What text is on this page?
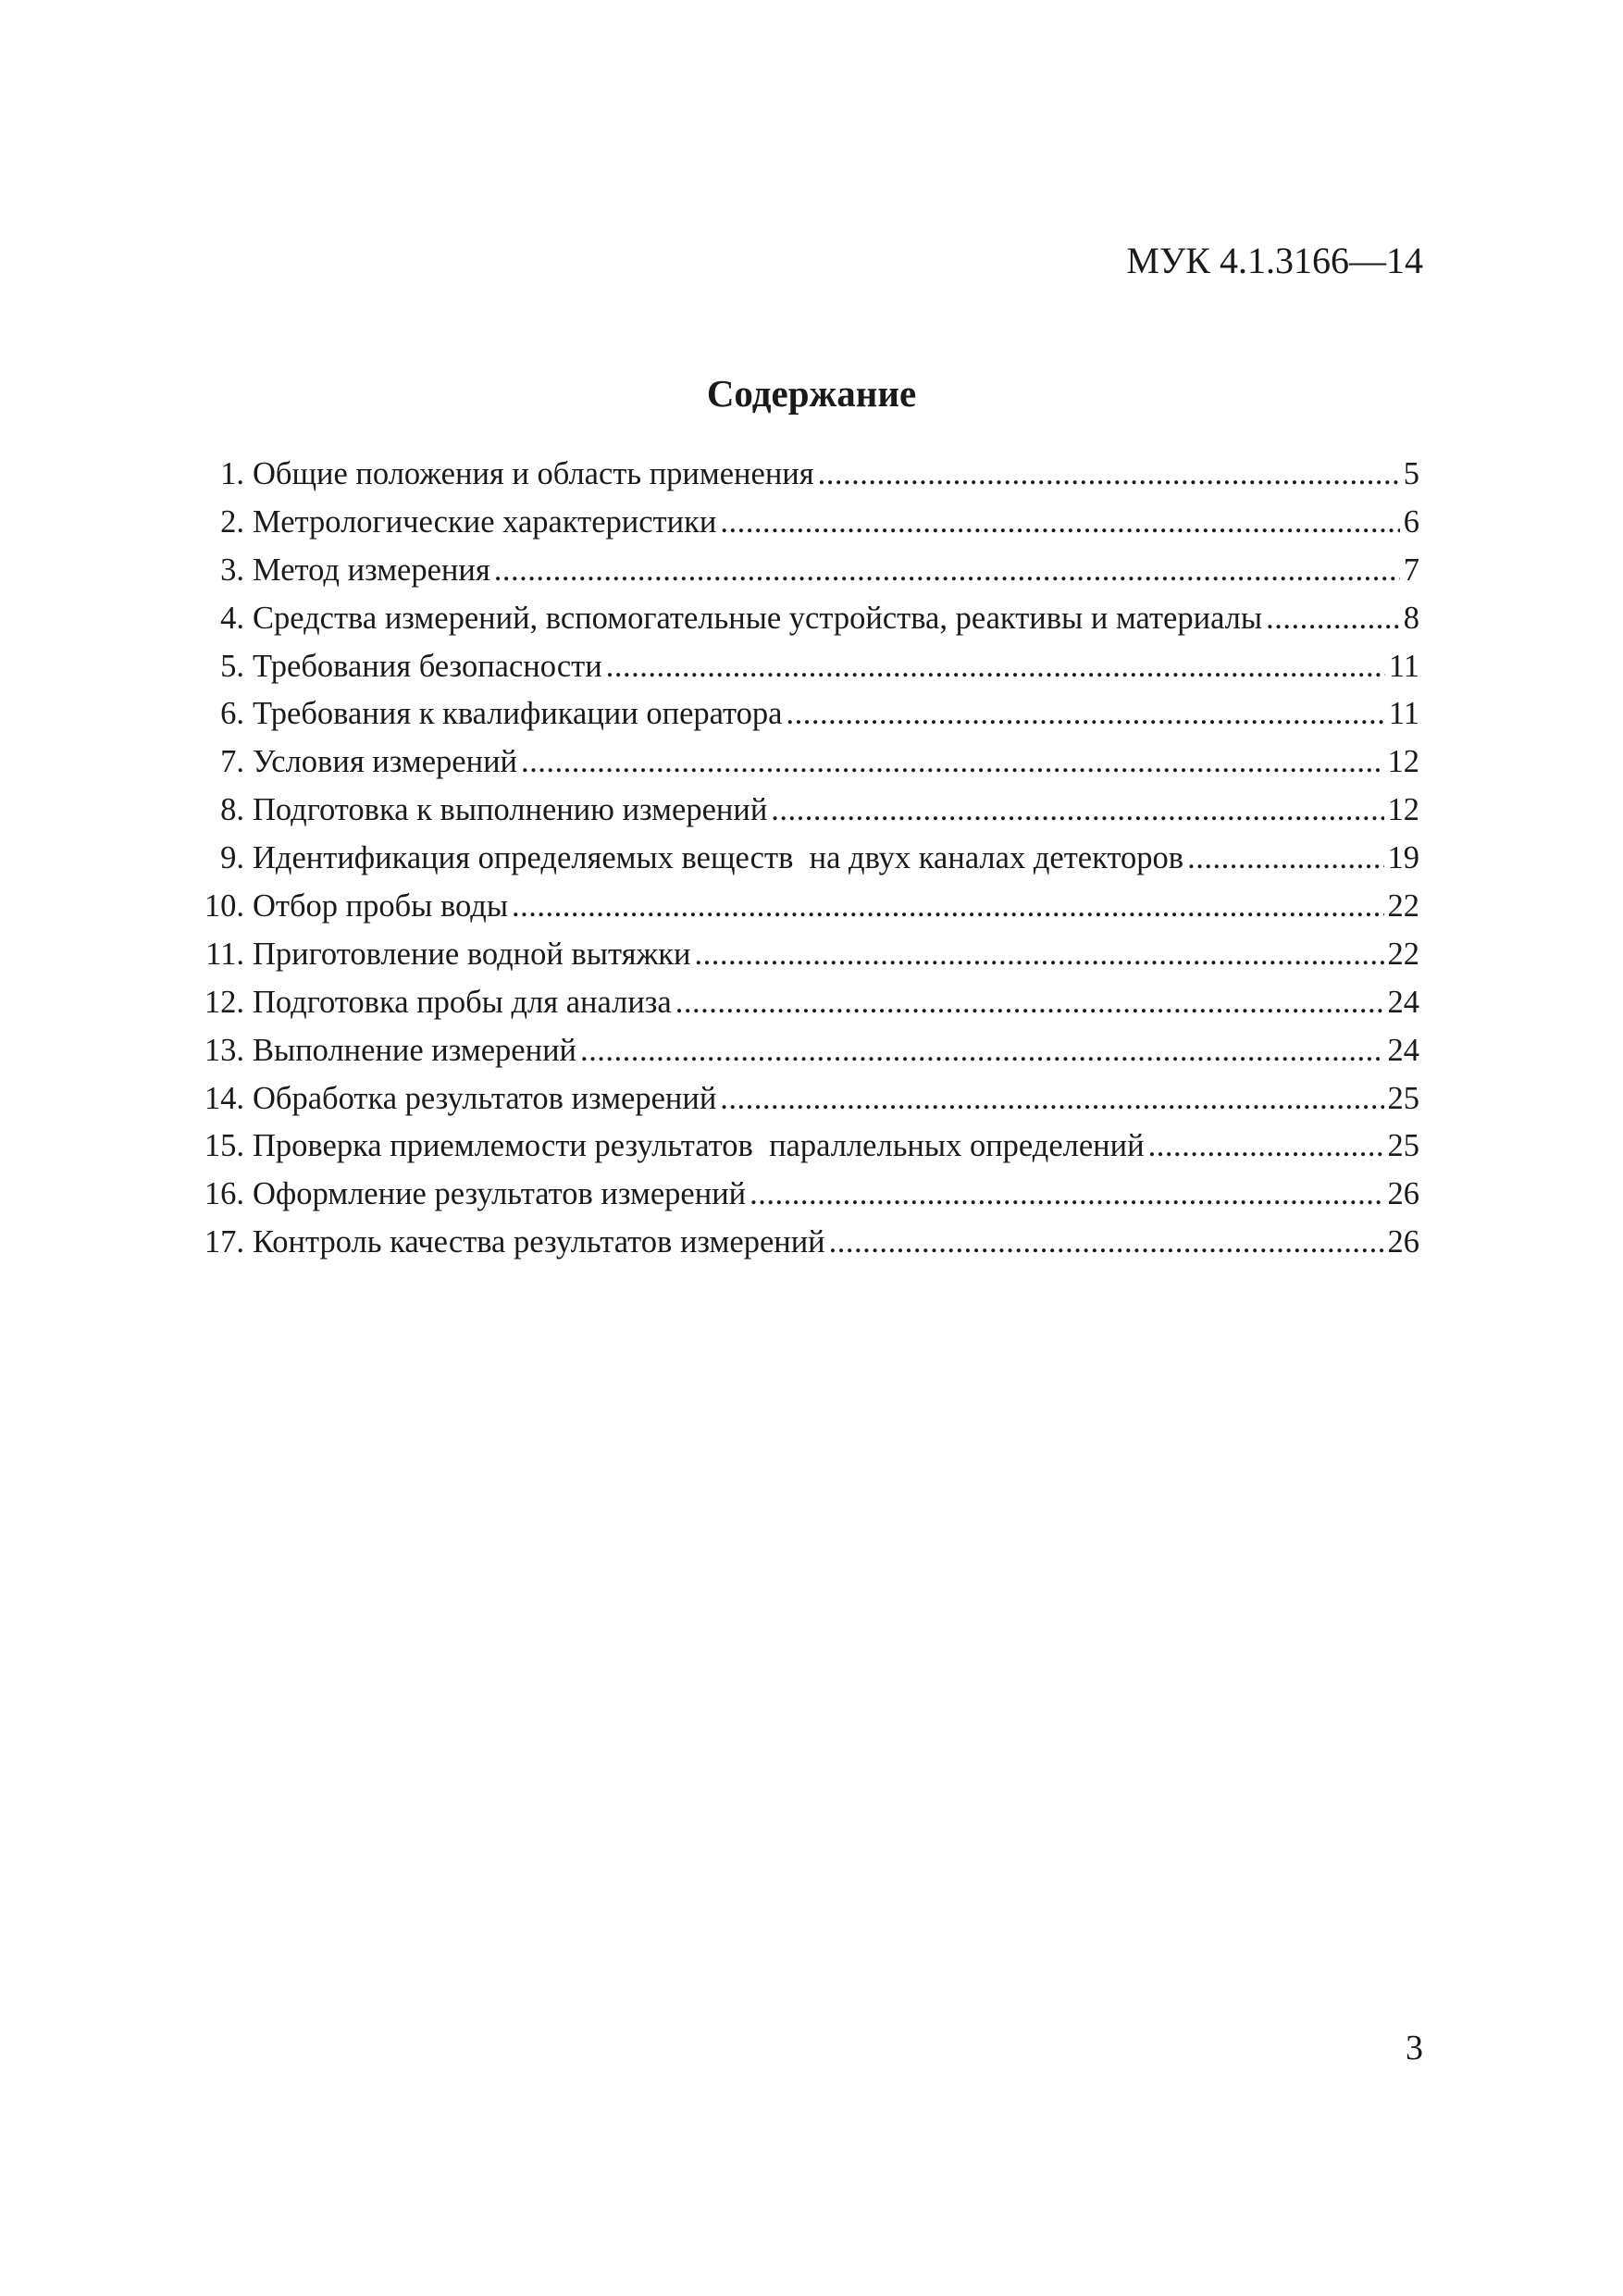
МУК 4.1.3166—14
Содержание
1. Общие положения и область применения .....	5
2. Метрологические характеристики .....	6
3. Метод измерения .....	7
4. Средства измерений, вспомогательные устройства, реактивы и материалы .....	8
5. Требования безопасности .....	11
6. Требования к квалификации оператора .....	11
7. Условия измерений .....	12
8. Подготовка к выполнению измерений .....	12
9. Идентификация определяемых веществ  на двух каналах детекторов .....	19
10. Отбор пробы воды .....	22
11. Приготовление водной вытяжки .....	22
12. Подготовка пробы для анализа .....	24
13. Выполнение измерений .....	24
14. Обработка результатов измерений .....	25
15. Проверка приемлемости результатов  параллельных определений .....	25
16. Оформление результатов измерений .....	26
17. Контроль качества результатов измерений .....	26
3
